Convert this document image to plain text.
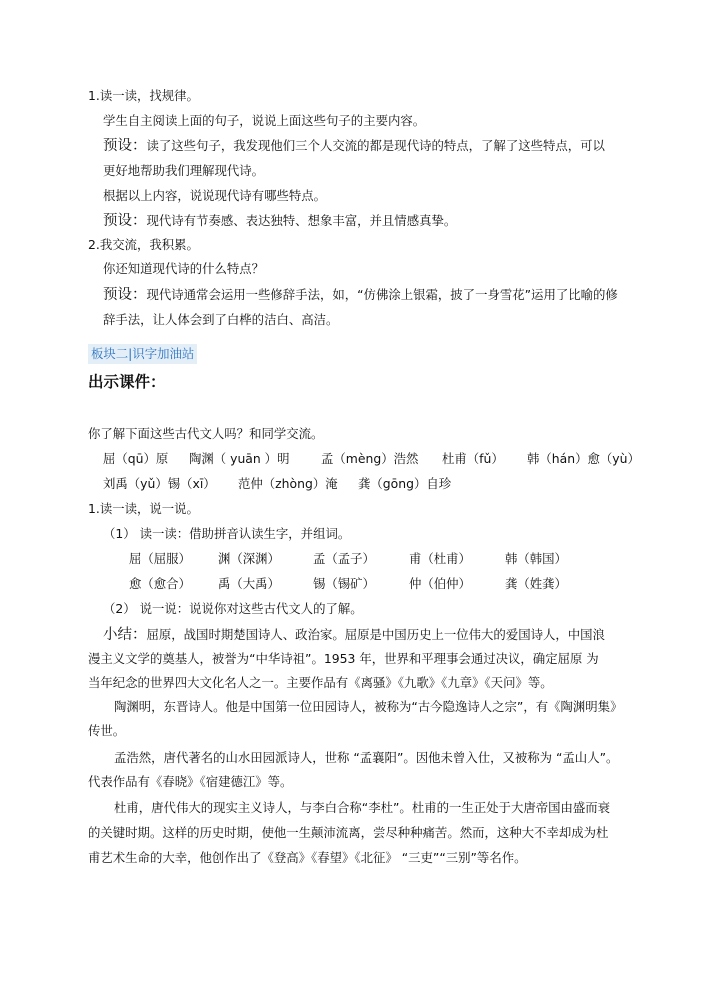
1.读一读，找规律。
学生自主阅读上面的句子，说说上面这些句子的主要内容。
预设：读了这些句子，我发现他们三个人交流的都是现代诗的特点，了解了这些特点，可以
更好地帮助我们理解现代诗。
根据以上内容，说说现代诗有哪些特点。
预设：现代诗有节奏感、表达独特、想象丰富，并且情感真挚。
2.我交流，我积累。
你还知道现代诗的什么特点？
预设：现代诗通常会运用一些修辞手法，如，“仿佛涂上银霜，披了一身雪花”运用了比喻的修
辞手法，让人体会到了白桦的洁白、高洁。
板块二|识字加油站
出示课件：
你了解下面这些古代文人吗？和同学交流。
屈（qū）原 陶渊（ yuān ）明	孟（mèng）浩然 杜甫（fǔ） 韩（hán）愈（yù）
刘禹（yǔ）锡（xī） 范仲（zhòng）淹 龚（gōng）自珍
1.读一读，说一说。
（1） 读一读：借助拼音认读生字，并组词。
屈（屈服） 渊（深渊）	孟（孟子）	甫（杜甫）	韩（韩国）
愈（愈合） 禹（大禹）	锡（锡矿）	仲（伯仲）	龚（姓龚）
（2） 说一说：说说你对这些古代文人的了解。
小结：屈原，战国时期楚国诗人、政治家。屈原是中国历史上一位伟大的爱国诗人，中国浪
漫主义文学的奠基人，被誉为“中华诗祖”。1953 年，世界和平理事会通过决议，确定屈原 为
当年纪念的世界四大文化名人之一。主要作品有《离骚》《九歌》《九章》《天问》等。
陶渊明，东晋诗人。他是中国第一位田园诗人，被称为“古今隐逸诗人之宗”，有《陶渊明集》
传世。
孟浩然，唐代著名的山水田园派诗人，世称 “孟襄阳”。因他未曾入仕，又被称为 “孟山人”。
代表作品有《春晓》《宿建德江》等。
杜甫，唐代伟大的现实主义诗人，与李白合称“李杜”。杜甫的一生正处于大唐帝国由盛而衰
的关键时期。这样的历史时期，使他一生颠沛流离，尝尽种种痛苦。然而，这种大不幸却成为杜
甫艺术生命的大幸，他创作出了《登高》《春望》《北征》 “三吏”“三别”等名作。
